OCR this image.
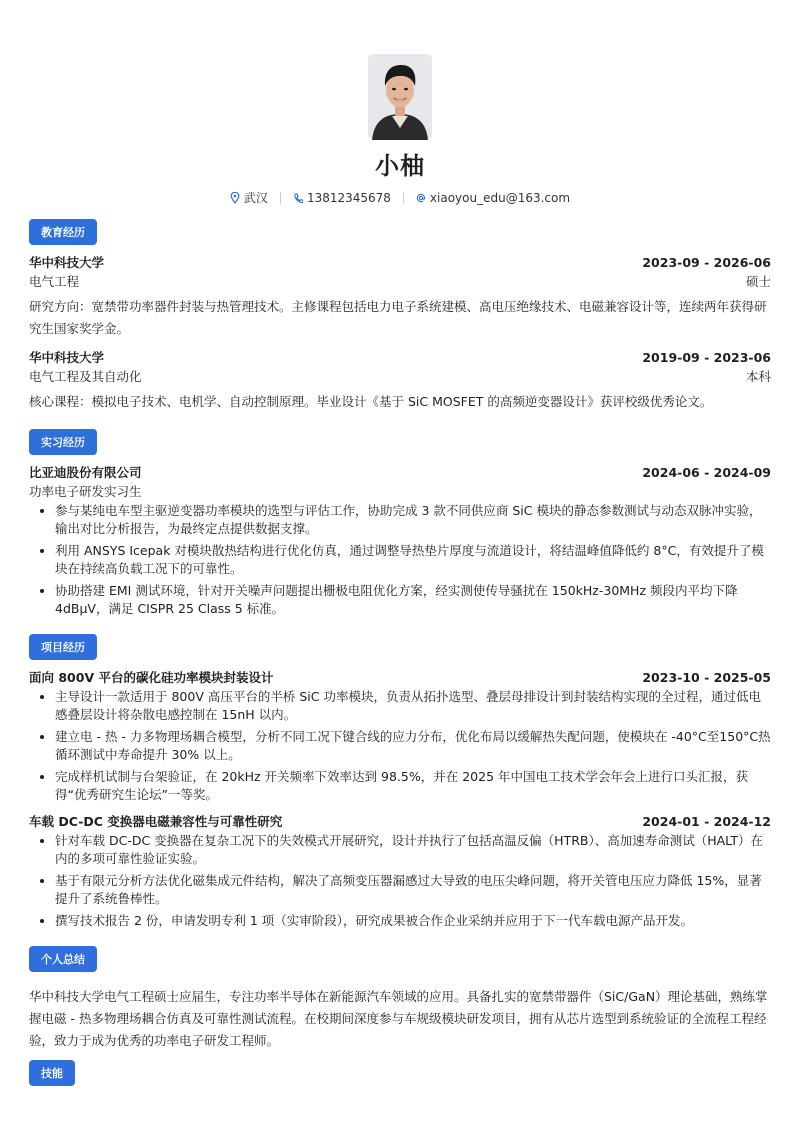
小柚
武汉	13812345678	xiaoyou_edu@163.com
教育经历
华中科技大学	2023-09 - 2026-06
电气工程	硕士
研究方向：宽禁带功率器件封装与热管理技术。主修课程包括电力电子系统建模、高电压绝缘技术、电磁兼容设计等，连续两年获得研究生国家奖学金。
华中科技大学	2019-09 - 2023-06
电气工程及其自动化	本科
核心课程：模拟电子技术、电机学、自动控制原理。毕业设计《基于 SiC MOSFET 的高频逆变器设计》获评校级优秀论文。
实习经历
比亚迪股份有限公司	2024-06 - 2024-09
功率电子研发实习生
• 参与某纯电车型主驱逆变器功率模块的选型与评估工作，协助完成 3 款不同供应商 SiC 模块的静态参数测试与动态双脉冲实验，输出对比分析报告，为最终定点提供数据支撑。
• 利用 ANSYS Icepak 对模块散热结构进行优化仿真，通过调整导热垫片厚度与流道设计，将结温峰值降低约 8°C，有效提升了模块在持续高负载工况下的可靠性。
• 协助搭建 EMI 测试环境，针对开关噪声问题提出栅极电阻优化方案，经实测使传导骚扰在 150kHz-30MHz 频段内平均下降 4dBμV，满足 CISPR 25 Class 5 标准。
项目经历
面向 800V 平台的碳化硅功率模块封装设计	2023-10 - 2025-05
• 主导设计一款适用于 800V 高压平台的半桥 SiC 功率模块，负责从拓扑选型、叠层母排设计到封装结构实现的全过程，通过低电感叠层设计将杂散电感控制在 15nH 以内。
• 建立电 - 热 - 力多物理场耦合模型，分析不同工况下键合线的应力分布，优化布局以缓解热失配问题，使模块在 -40°C至150°C热循环测试中寿命提升 30% 以上。
• 完成样机试制与台架验证，在 20kHz 开关频率下效率达到 98.5%，并在 2025 年中国电工技术学会年会上进行口头汇报，获得“优秀研究生论坛”一等奖。
车载 DC-DC 变换器电磁兼容性与可靠性研究	2024-01 - 2024-12
• 针对车载 DC-DC 变换器在复杂工况下的失效模式开展研究，设计并执行了包括高温反偏（HTRB）、高加速寿命测试（HALT）在内的多项可靠性验证实验。
• 基于有限元分析方法优化磁集成元件结构，解决了高频变压器漏感过大导致的电压尖峰问题，将开关管电压应力降低 15%，显著提升了系统鲁棒性。
• 撰写技术报告 2 份，申请发明专利 1 项（实审阶段），研究成果被合作企业采纳并应用于下一代车载电源产品开发。
个人总结
华中科技大学电气工程硕士应届生，专注功率半导体在新能源汽车领域的应用。具备扎实的宽禁带器件（SiC/GaN）理论基础，熟练掌握电磁 - 热多物理场耦合仿真及可靠性测试流程。在校期间深度参与车规级模块研发项目，拥有从芯片选型到系统验证的全流程工程经验，致力于成为优秀的功率电子研发工程师。
技能
